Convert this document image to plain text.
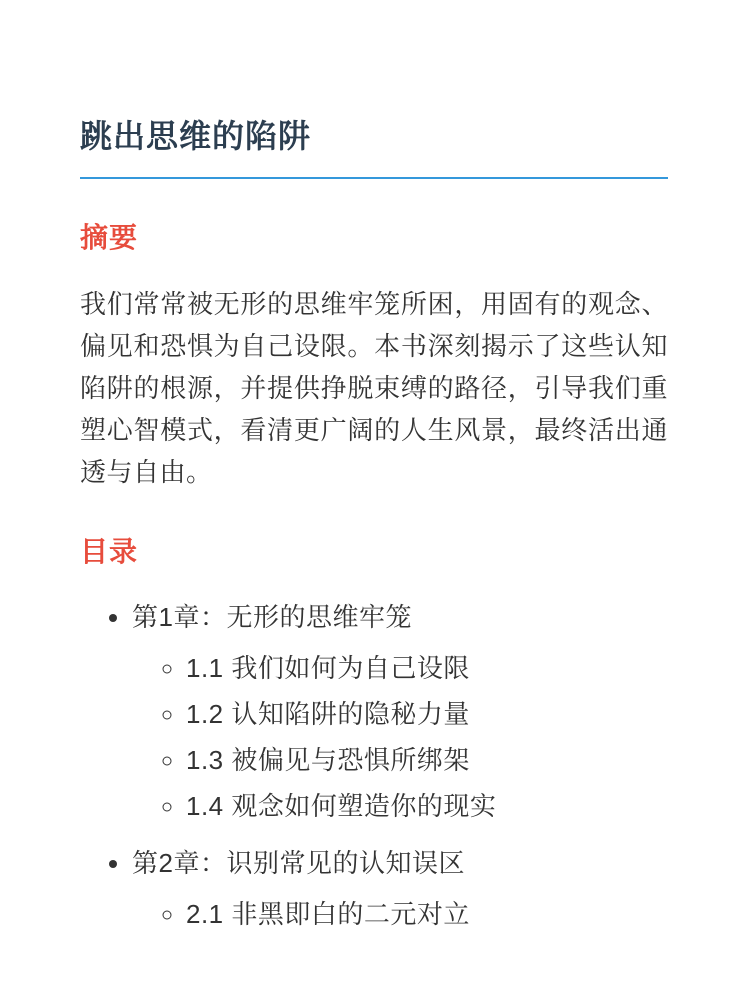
跳出思维的陷阱
摘要

我们常常被无形的思维牢笼所困，用固有的观念、偏见和恐惧为自己设限。本书深刻揭示了这些认知陷阱的根源，并提供挣脱束缚的路径，引导我们重塑心智模式，看清更广阔的人生风景，最终活出通透与自由。

目录
• 第1章：无形的思维牢笼
◦ 1.1 我们如何为自己设限
◦ 1.2 认知陷阱的隐秘力量
◦ 1.3 被偏见与恐惧所绑架
◦ 1.4 观念如何塑造你的现实
• 第2章：识别常见的认知误区
◦ 2.1 非黑即白的二元对立
